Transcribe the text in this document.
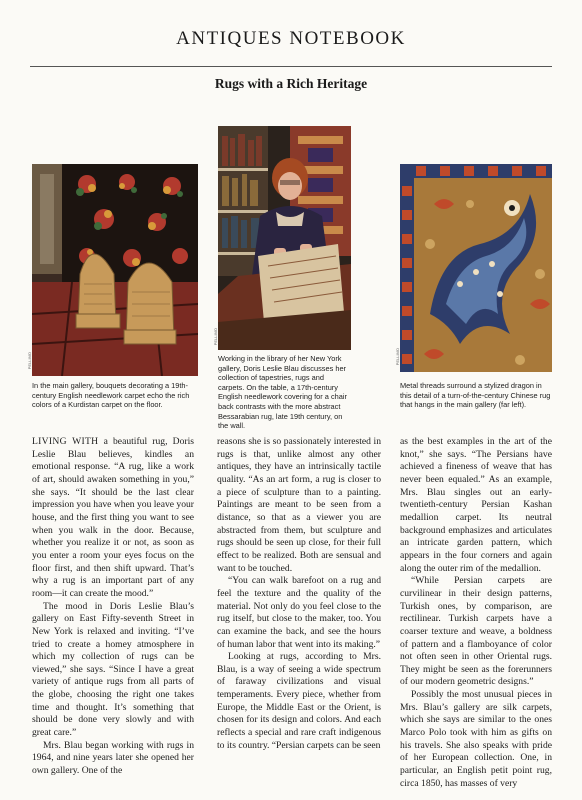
ANTIQUES NOTEBOOK
Rugs with a Rich Heritage
PELLIMO

In the main gallery, bouquets decorating a 19th-century English needlework carpet echo the rich colors of a Kurdistan carpet on the floor.

PELLIMO

Working in the library of her New York gallery, Doris Leslie Blau discusses her collection of tapestries, rugs and carpets. On the table, a 17th-century English needlework covering for a chair back contrasts with the more abstract Bessarabian rug, late 19th century, on the wall.

PELLIMO

Metal threads surround a stylized dragon in this detail of a turn-of-the-century Chinese rug that hangs in the main gallery (far left).

LIVING WITH a beautiful rug, Doris Leslie Blau believes, kindles an emotional response. “A rug, like a work of art, should awaken something in you,” she says. “It should be the last clear impression you have when you leave your house, and the first thing you want to see when you walk in the door. Because, whether you realize it or not, as soon as you enter a room your eyes focus on the floor first, and then shift upward. That’s why a rug is an important part of any room—it can create the mood.”

The mood in Doris Leslie Blau’s gallery on East Fifty-seventh Street in New York is relaxed and inviting. “I’ve tried to create a homey atmosphere in which my collection of rugs can be viewed,” she says. “Since I have a great variety of antique rugs from all parts of the globe, choosing the right one takes time and thought. It’s something that should be done very slowly and with great care.”

Mrs. Blau began working with rugs in 1964, and nine years later she opened her own gallery. One of the

reasons she is so passionately interested in rugs is that, unlike almost any other antiques, they have an intrinsically tactile quality. “As an art form, a rug is closer to a piece of sculpture than to a painting. Paintings are meant to be seen from a distance, so that as a viewer you are abstracted from them, but sculpture and rugs should be seen up close, for their full effect to be realized. Both are sensual and want to be touched.

“You can walk barefoot on a rug and feel the texture and the quality of the material. Not only do you feel close to the rug itself, but close to the maker, too. You can examine the back, and see the hours of human labor that went into its making.”

Looking at rugs, according to Mrs. Blau, is a way of seeing a wide spectrum of faraway civilizations and visual temperaments. Every piece, whether from Europe, the Middle East or the Orient, is chosen for its design and colors. And each reflects a special and rare craft indigenous to its country. “Persian carpets can be seen

as the best examples in the art of the knot,” she says. “The Persians have achieved a fineness of weave that has never been equaled.” As an example, Mrs. Blau singles out an early-twentieth-century Persian Kashan medallion carpet. Its neutral background emphasizes and articulates an intricate garden pattern, which appears in the four corners and again along the outer rim of the medallion.

“While Persian carpets are curvilinear in their design patterns, Turkish ones, by comparison, are rectilinear. Turkish carpets have a coarser texture and weave, a boldness of pattern and a flamboyance of color not often seen in other Oriental rugs. They might be seen as the forerunners of our modern geometric designs.”

Possibly the most unusual pieces in Mrs. Blau’s gallery are silk carpets, which she says are similar to the ones Marco Polo took with him as gifts on his travels. She also speaks with pride of her European collection. One, in particular, an English petit point rug, circa 1850, has masses of very
